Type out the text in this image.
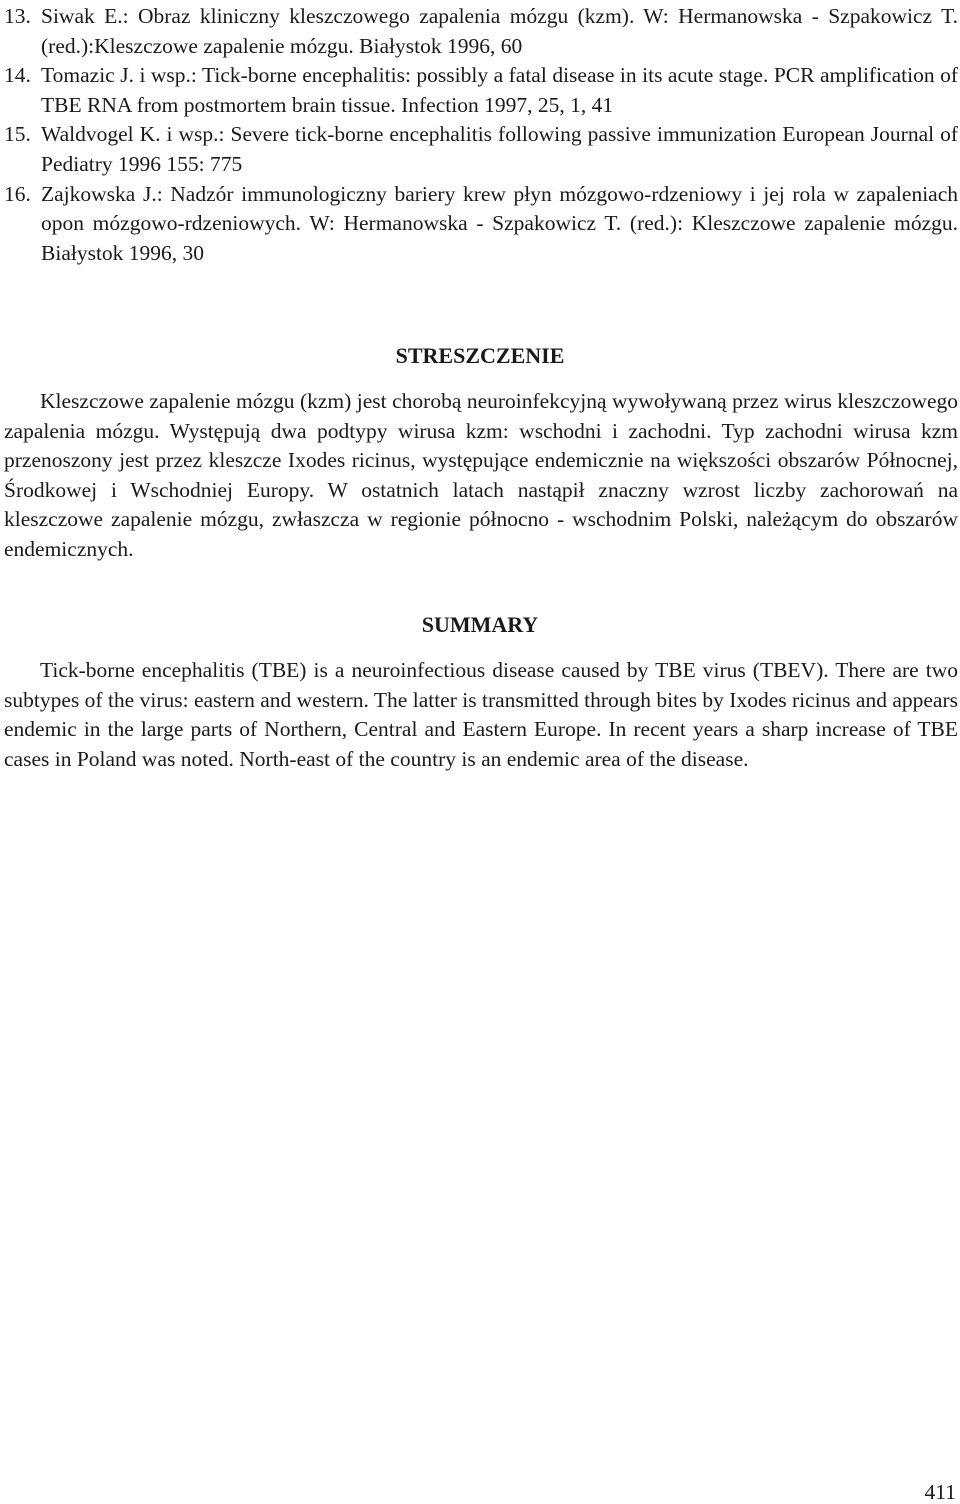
13. Siwak E.: Obraz kliniczny kleszczowego zapalenia mózgu (kzm). W: Hermanowska - Szpakowicz T. (red.):Kleszczowe zapalenie mózgu. Białystok 1996, 60
14. Tomazic J. i wsp.: Tick-borne encephalitis: possibly a fatal disease in its acute stage. PCR amplification of TBE RNA from postmortem brain tissue. Infection 1997, 25, 1, 41
15. Waldvogel K. i wsp.: Severe tick-borne encephalitis following passive immunization European Journal of Pediatry 1996 155: 775
16. Zajkowska J.: Nadzór immunologiczny bariery krew płyn mózgowo-rdzeniowy i jej rola w zapaleniach opon mózgowo-rdzeniowych. W: Hermanowska - Szpakowicz T. (red.): Kleszczowe zapalenie mózgu. Białystok 1996, 30
STRESZCZENIE

Kleszczowe zapalenie mózgu (kzm) jest chorobą neuroinfekcyjną wywoływaną przez wirus kleszczowego zapalenia mózgu. Występują dwa podtypy wirusa kzm: wschodni i zachodni. Typ zachodni wirusa kzm przenoszony jest przez kleszcze Ixodes ricinus, występujące endemicznie na większości obszarów Północnej, Środkowej i Wschodniej Europy. W ostatnich latach nastąpił znaczny wzrost liczby zachorowań na kleszczowe zapalenie mózgu, zwłaszcza w regionie północno - wschodnim Polski, należącym do obszarów endemicznych.

SUMMARY

Tick-borne encephalitis (TBE) is a neuroinfectious disease caused by TBE virus (TBEV). There are two subtypes of the virus: eastern and western. The latter is transmitted through bites by Ixodes ricinus and appears endemic in the large parts of Northern, Central and Eastern Europe. In recent years a sharp increase of TBE cases in Poland was noted. North-east of the country is an endemic area of the disease.

411
